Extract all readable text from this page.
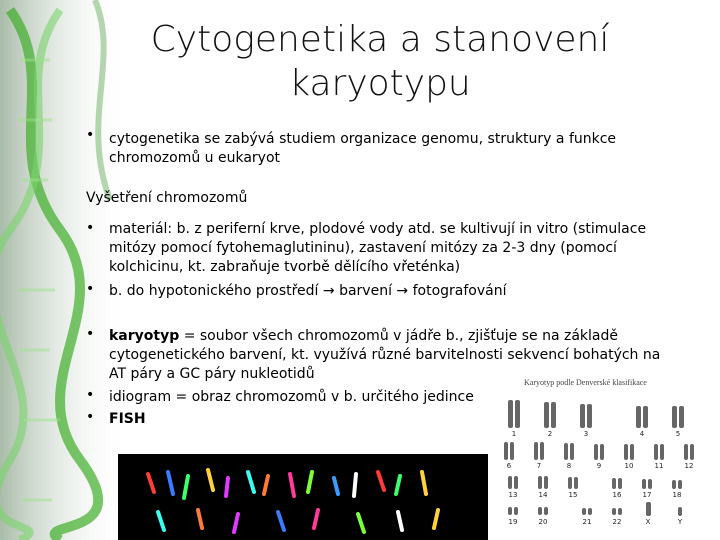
Cytogenetika a stanovení karyotypu
• cytogenetika se zabývá studiem organizace genomu, struktury a funkce chromozomů u eukaryot
Vyšetření chromozomů
• materiál: b. z periferní krve, plodové vody atd. se kultivují in vitro (stimulace mitózy pomocí fytohemaglutininu), zastavení mitózy za 2-3 dny (pomocí kolchicinu, kt. zabraňuje tvorbě dělícího vřeténka)
• b. do hypotonického prostředí → barvení → fotografování
• karyotyp = soubor všech chromozomů v jádře b., zjišťuje se na základě cytogenetického barvení, kt. využívá různé barvitelnosti sekvencí bohatých na AT páry a GC páry nukleotidů
• idiogram = obraz chromozomů v b. určitého jedince
• FISH
Karyotyp podle Denverské klasifikace
1	2	3	4	5
6	7	8	9	10	11	12
13	14	15	16	17	18
19	20	21	22	X	Y
